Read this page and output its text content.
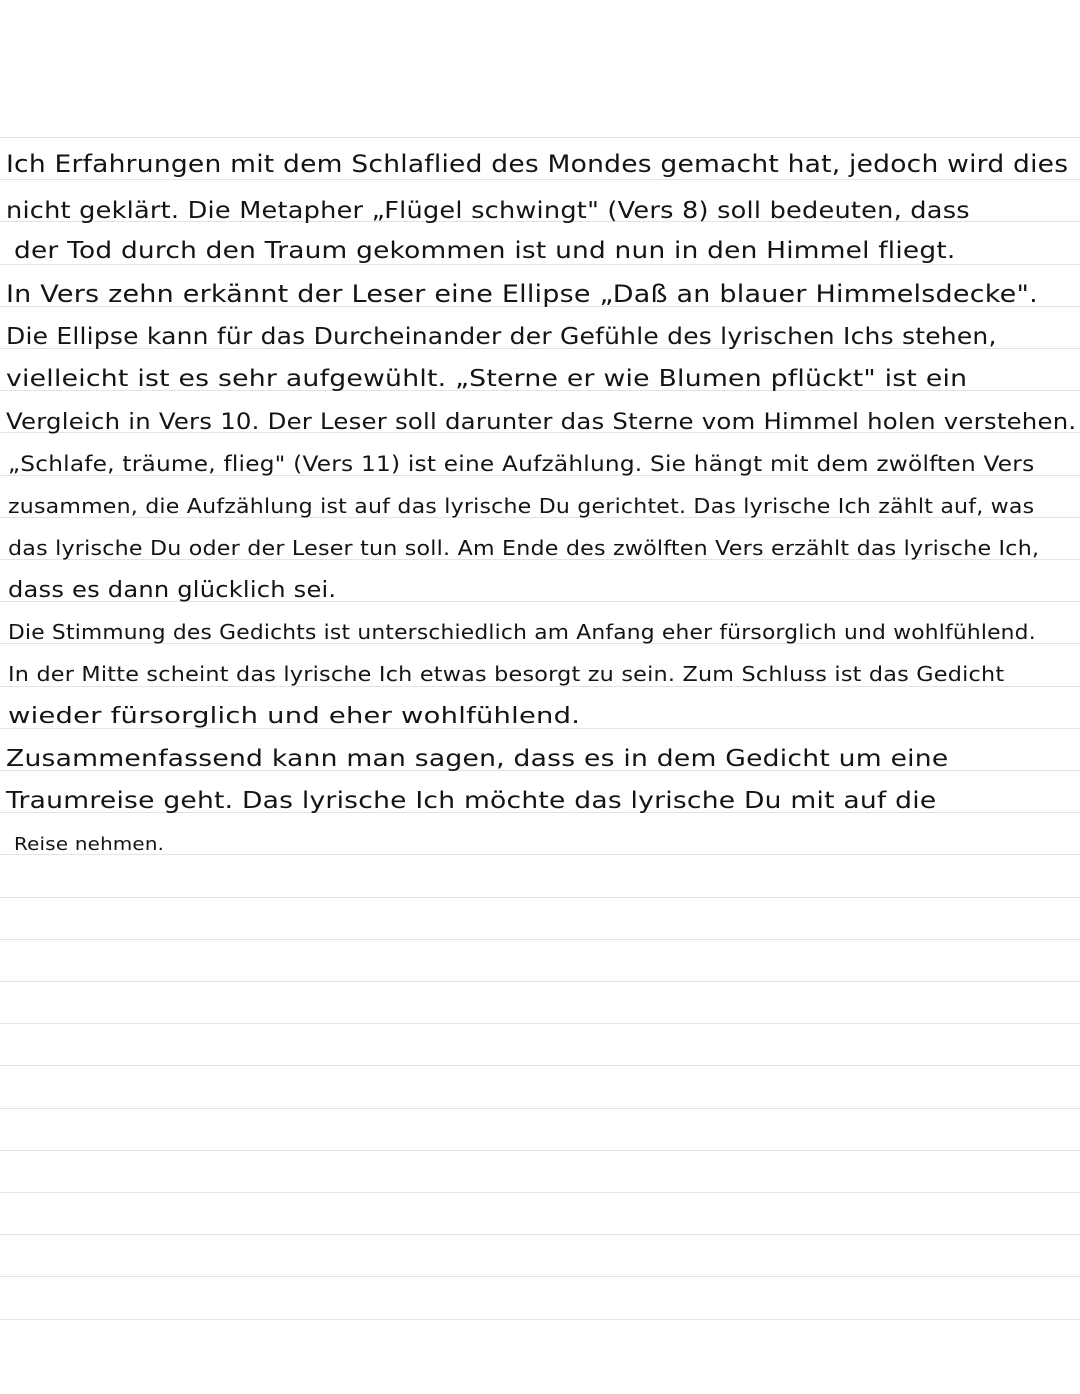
Ich Erfahrungen mit dem Schlaflied des Mondes gemacht hat, jedoch wird dies
nicht geklärt. Die Metapher „Flügel schwingt" (Vers 8) soll bedeuten, dass
der Tod durch den Traum gekommen ist und nun in den Himmel fliegt.
In Vers zehn erkännt der Leser eine Ellipse „Daß an blauer Himmelsdecke".
Die Ellipse kann für das Durcheinander der Gefühle des lyrischen Ichs stehen,
vielleicht ist es sehr aufgewühlt. „Sterne er wie Blumen pflückt" ist ein
Vergleich in Vers 10. Der Leser soll darunter das Sterne vom Himmel holen verstehen.
„Schlafe, träume, flieg" (Vers 11) ist eine Aufzählung. Sie hängt mit dem zwölften Vers
zusammen, die Aufzählung ist auf das lyrische Du gerichtet. Das lyrische Ich zählt auf, was
das lyrische Du oder der Leser tun soll. Am Ende des zwölften Vers erzählt das lyrische Ich,
dass es dann glücklich sei.
Die Stimmung des Gedichts ist unterschiedlich am Anfang eher fürsorglich und wohlfühlend.
In der Mitte scheint das lyrische Ich etwas besorgt zu sein. Zum Schluss ist das Gedicht
wieder fürsorglich und eher wohlfühlend.
Zusammenfassend kann man sagen, dass es in dem Gedicht um eine
Traumreise geht. Das lyrische Ich möchte das lyrische Du mit auf die
Reise nehmen.
